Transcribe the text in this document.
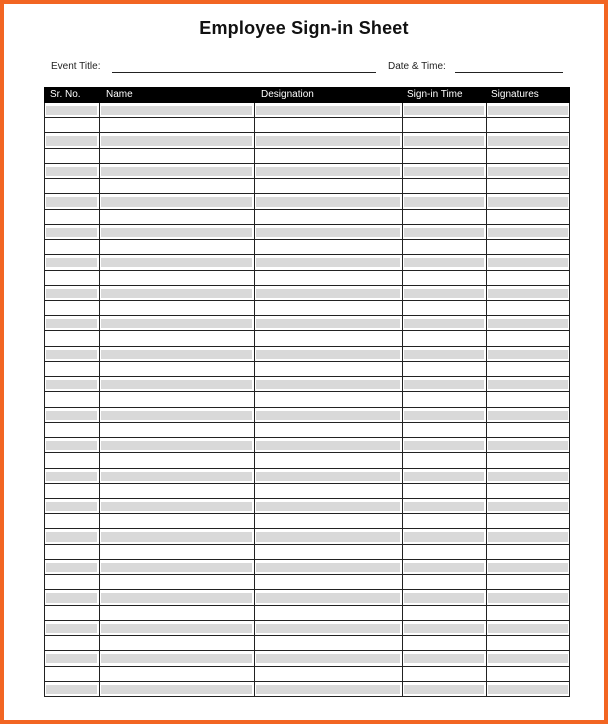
Employee Sign-in Sheet
Event Title:	Date & Time:
Sr. No.	Name	Designation	Sign-in Time	Signatures
